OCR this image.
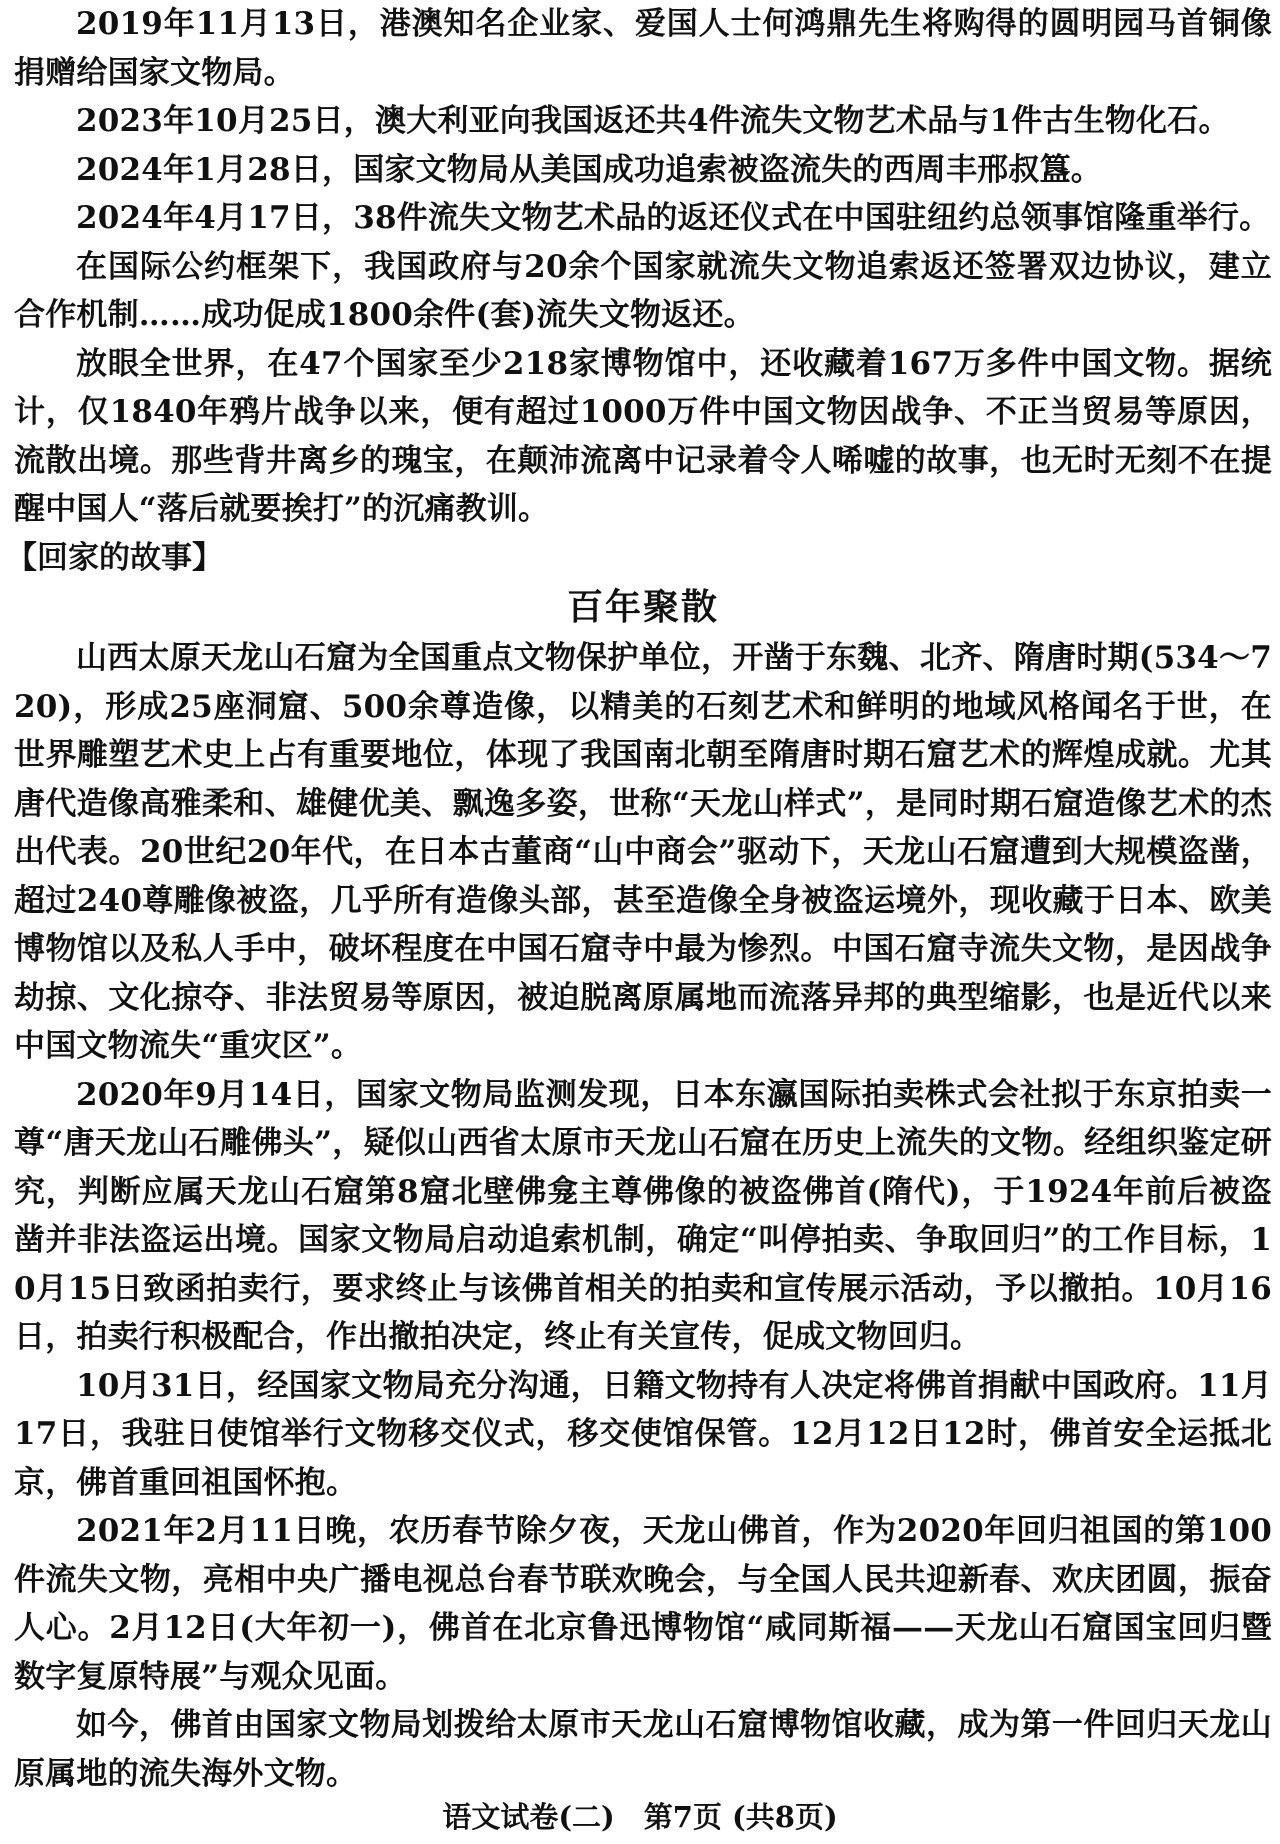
2019年11月13日，港澳知名企业家、爱国人士何鸿鼎先生将购得的圆明园马首铜像捐赠给国家文物局。

2023年10月25日，澳大利亚向我国返还共4件流失文物艺术品与1件古生物化石。

2024年1月28日，国家文物局从美国成功追索被盗流失的西周丰邢叔簋。

2024年4月17日，38件流失文物艺术品的返还仪式在中国驻纽约总领事馆隆重举行。

在国际公约框架下，我国政府与20余个国家就流失文物追索返还签署双边协议，建立合作机制……成功促成1800余件(套)流失文物返还。

放眼全世界，在47个国家至少218家博物馆中，还收藏着167万多件中国文物。据统计，仅1840年鸦片战争以来，便有超过1000万件中国文物因战争、不正当贸易等原因，流散出境。那些背井离乡的瑰宝，在颠沛流离中记录着令人唏嘘的故事，也无时无刻不在提醒中国人“落后就要挨打”的沉痛教训。

【回家的故事】

百年聚散

山西太原天龙山石窟为全国重点文物保护单位，开凿于东魏、北齐、隋唐时期(534～720)，形成25座洞窟、500余尊造像，以精美的石刻艺术和鲜明的地域风格闻名于世，在世界雕塑艺术史上占有重要地位，体现了我国南北朝至隋唐时期石窟艺术的辉煌成就。尤其唐代造像高雅柔和、雄健优美、飘逸多姿，世称“天龙山样式”，是同时期石窟造像艺术的杰出代表。20世纪20年代，在日本古董商“山中商会”驱动下，天龙山石窟遭到大规模盗凿，超过240尊雕像被盗，几乎所有造像头部，甚至造像全身被盗运境外，现收藏于日本、欧美博物馆以及私人手中，破坏程度在中国石窟寺中最为惨烈。中国石窟寺流失文物，是因战争劫掠、文化掠夺、非法贸易等原因，被迫脱离原属地而流落异邦的典型缩影，也是近代以来中国文物流失“重灾区”。

2020年9月14日，国家文物局监测发现，日本东瀛国际拍卖株式会社拟于东京拍卖一尊“唐天龙山石雕佛头”，疑似山西省太原市天龙山石窟在历史上流失的文物。经组织鉴定研究，判断应属天龙山石窟第8窟北壁佛龛主尊佛像的被盗佛首(隋代)，于1924年前后被盗凿并非法盗运出境。国家文物局启动追索机制，确定“叫停拍卖、争取回归”的工作目标，10月15日致函拍卖行，要求终止与该佛首相关的拍卖和宣传展示活动，予以撤拍。10月16日，拍卖行积极配合，作出撤拍决定，终止有关宣传，促成文物回归。

10月31日，经国家文物局充分沟通，日籍文物持有人决定将佛首捐献中国政府。11月17日，我驻日使馆举行文物移交仪式，移交使馆保管。12月12日12时，佛首安全运抵北京，佛首重回祖国怀抱。

2021年2月11日晚，农历春节除夕夜，天龙山佛首，作为2020年回归祖国的第100件流失文物，亮相中央广播电视总台春节联欢晚会，与全国人民共迎新春、欢庆团圆，振奋人心。2月12日(大年初一)，佛首在北京鲁迅博物馆“咸同斯福——天龙山石窟国宝回归暨数字复原特展”与观众见面。

如今，佛首由国家文物局划拨给太原市天龙山石窟博物馆收藏，成为第一件回归天龙山原属地的流失海外文物。

语文试卷(二)　第7页 (共8页)
